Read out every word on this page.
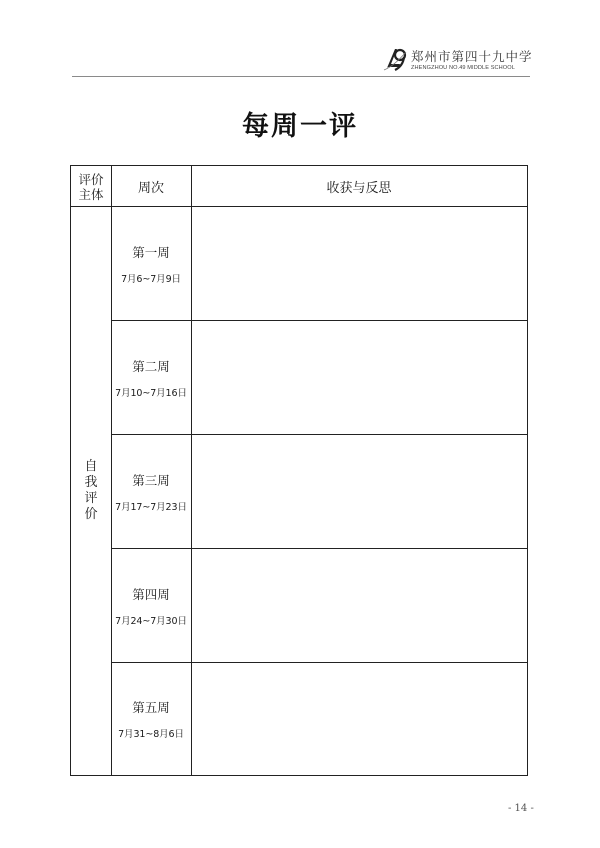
郑州市第四十九中学
ZHENGZHOU NO.49 MIDDLE SCHOOL
每周一评
评价主体	周次	收获与反思
自
我
评
价
第一周
7月6~7月9日
第二周
7月10~7月16日
第三周
7月17~7月23日
第四周
7月24~7月30日
第五周
7月31~8月6日
- 14 -
